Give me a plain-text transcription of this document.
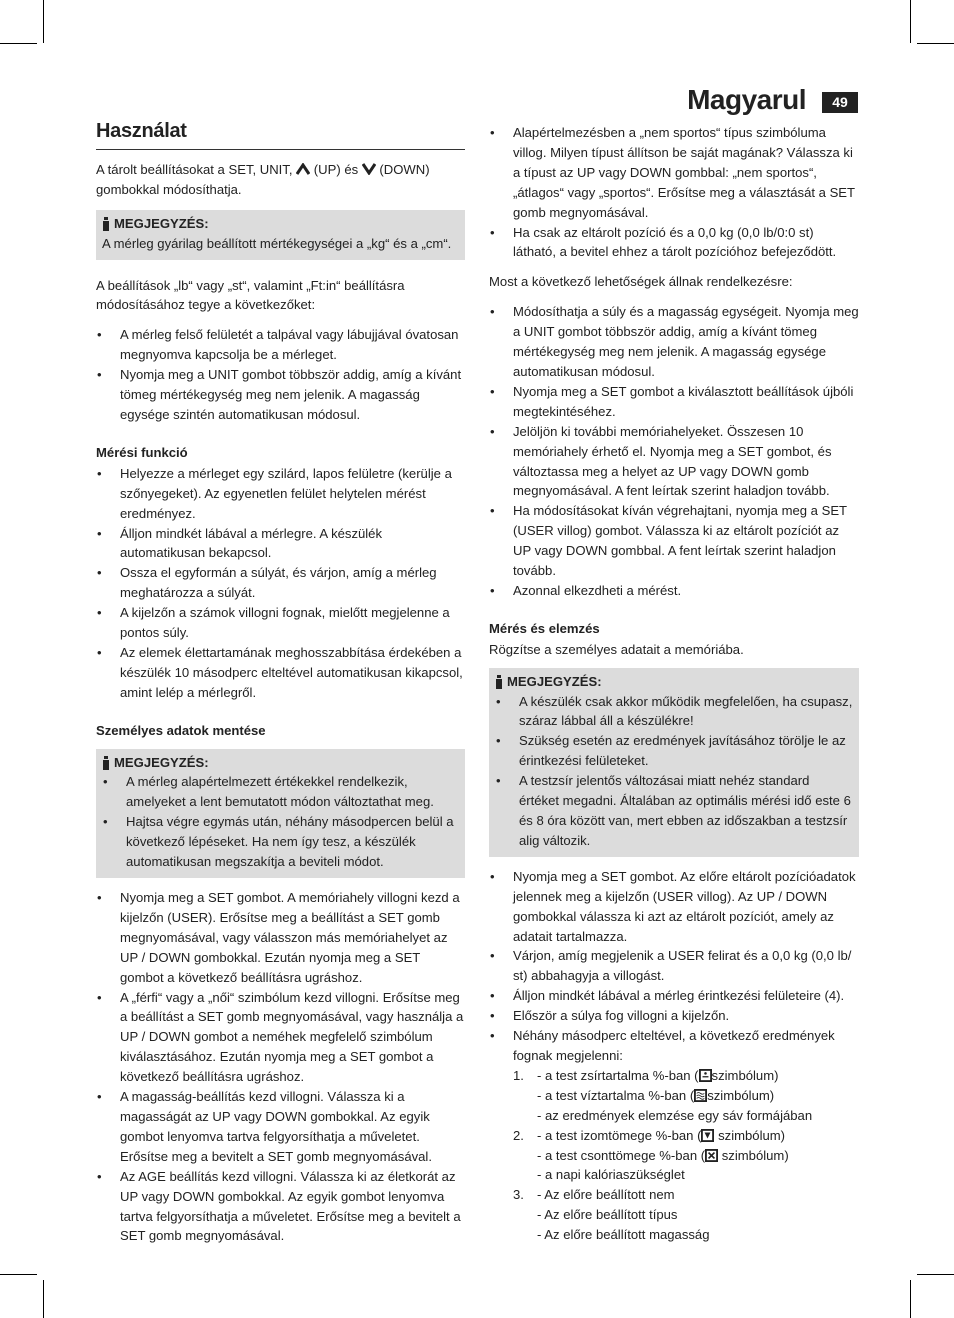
Magyarul	49
Használat

A tárolt beállításokat a SET, UNIT,  (UP) és  (DOWN) gombokkal módosíthatja.

MEGJEGYZÉS:
A mérleg gyárilag beállított mértékegységei a „kg“ és a „cm“.

A beállítások „lb“ vagy „st“, valamint „Ft:in“ beállításra módosításához tegye a következőket:

• A mérleg felső felületét a talpával vagy lábujjával óvatosan megnyomva kapcsolja be a mérleget.
• Nyomja meg a UNIT gombot többször addig, amíg a kívánt tömeg mértékegység meg nem jelenik. A magasság egysége szintén automatikusan módosul.
Mérési funkció
• Helyezze a mérleget egy szilárd, lapos felületre (kerülje a szőnyegeket). Az egyenetlen felület helytelen mérést eredményez.
• Álljon mindkét lábával a mérlegre. A készülék automatikusan bekapcsol.
• Ossza el egyformán a súlyát, és várjon, amíg a mérleg meghatározza a súlyát.
• A kijelzőn a számok villogni fognak, mielőtt megjelenne a pontos súly.
• Az elemek élettartamának meghosszabbítása érdekében a készülék 10 másodperc elteltével automatikusan kikapcsol, amint lelép a mérlegről.
Személyes adatok mentése
MEGJEGYZÉS:
• A mérleg alapértelmezett értékekkel rendelkezik, amelyeket a lent bemutatott módon változtathat meg.
• Hajtsa végre egymás után, néhány másodpercen belül a következő lépéseket. Ha nem így tesz, a készülék automatikusan megszakítja a beviteli módot.
• Nyomja meg a SET gombot. A memóriahely villogni kezd a kijelzőn (USER). Erősítse meg a beállítást a SET gomb megnyomásával, vagy válasszon más memóriahelyet az UP / DOWN gombokkal. Ezután nyomja meg a SET gombot a következő beállításra ugráshoz.
• A „férfi“ vagy a „női“ szimbólum kezd villogni. Erősítse meg a beállítást a SET gomb megnyomásával, vagy használja a UP / DOWN gombot a neméhek megfelelő szimbólum kiválasztásához. Ezután nyomja meg a SET gombot a következő beállításra ugráshoz.
• A magasság-beállítás kezd villogni. Válassza ki a magasságát az UP vagy DOWN gombokkal. Az egyik gombot lenyomva tartva felgyorsíthatja a műveletet. Erősítse meg a bevitelt a SET gomb megnyomásával.
• Az AGE beállítás kezd villogni. Válassza ki az életkorát az UP vagy DOWN gombokkal. Az egyik gombot lenyomva tartva felgyorsíthatja a műveletet. Erősítse meg a bevitelt a SET gomb megnyomásával.
• Alapértelmezésben a „nem sportos“ típus szimbóluma villog. Milyen típust állítson be saját magának? Válassza ki a típust az UP vagy DOWN gombbal: „nem sportos“, „átlagos“ vagy „sportos“. Erősítse meg a választását a SET gomb megnyomásával.
• Ha csak az eltárolt pozíció és a 0,0 kg (0,0 lb/0:0 st) látható, a bevitel ehhez a tárolt pozícióhoz befejeződött.

Most a következő lehetőségek állnak rendelkezésre:

• Módosíthatja a súly és a magasság egységeit. Nyomja meg a UNIT gombot többször addig, amíg a kívánt tömeg mértékegység meg nem jelenik. A magasság egysége automatikusan módosul.
• Nyomja meg a SET gombot a kiválasztott beállítások újbóli megtekintéséhez.
• Jelöljön ki további memóriahelyeket. Összesen 10 memóriahely érhető el. Nyomja meg a SET gombot, és változtassa meg a helyet az UP vagy DOWN gomb megnyomásával. A fent leírtak szerint haladjon tovább.
• Ha módosításokat kíván végrehajtani, nyomja meg a SET (USER villog) gombot. Válassza ki az eltárolt pozíciót az UP vagy DOWN gombbal. A fent leírtak szerint haladjon tovább.
• Azonnal elkezdheti a mérést.
Mérés és elemzés

Rögzítse a személyes adatait a memóriába.

MEGJEGYZÉS:
• A készülék csak akkor működik megfelelően, ha csupasz, száraz lábbal áll a készülékre!
• Szükség esetén az eredmények javításához törölje le az érintkezési felületeket.
• A testzsír jelentős változásai miatt nehéz standard értéket megadni. Általában az optimális mérési idő este 6 és 8 óra között van, mert ebben az időszakban a testzsír alig változik.
• Nyomja meg a SET gombot. Az előre eltárolt pozícióadatok jelennek meg a kijelzőn (USER villog). Az UP / DOWN gombokkal válassza ki azt az eltárolt pozíciót, amely az adatait tartalmazza.
• Várjon, amíg megjelenik a USER felirat és a 0,0 kg (0,0 lb/ st) abbahagyja a villogást.
• Álljon mindkét lábával a mérleg érintkezési felületeire (4).
• Először a súlya fog villogni a kijelzőn.
• Néhány másodperc elteltével, a következő eredmények fognak megjelenni:
1. - a test zsírtartalma %-ban ( szimbólum)
- a test víztartalma %-ban ( szimbólum)
- az eredmények elemzése egy sáv formájában
2. - a test izomtömege %-ban ( szimbólum)
- a test csonttömege %-ban ( szimbólum)
- a napi kalóriaszükséglet
3. - Az előre beállított nem
- Az előre beállított típus
- Az előre beállított magasság
